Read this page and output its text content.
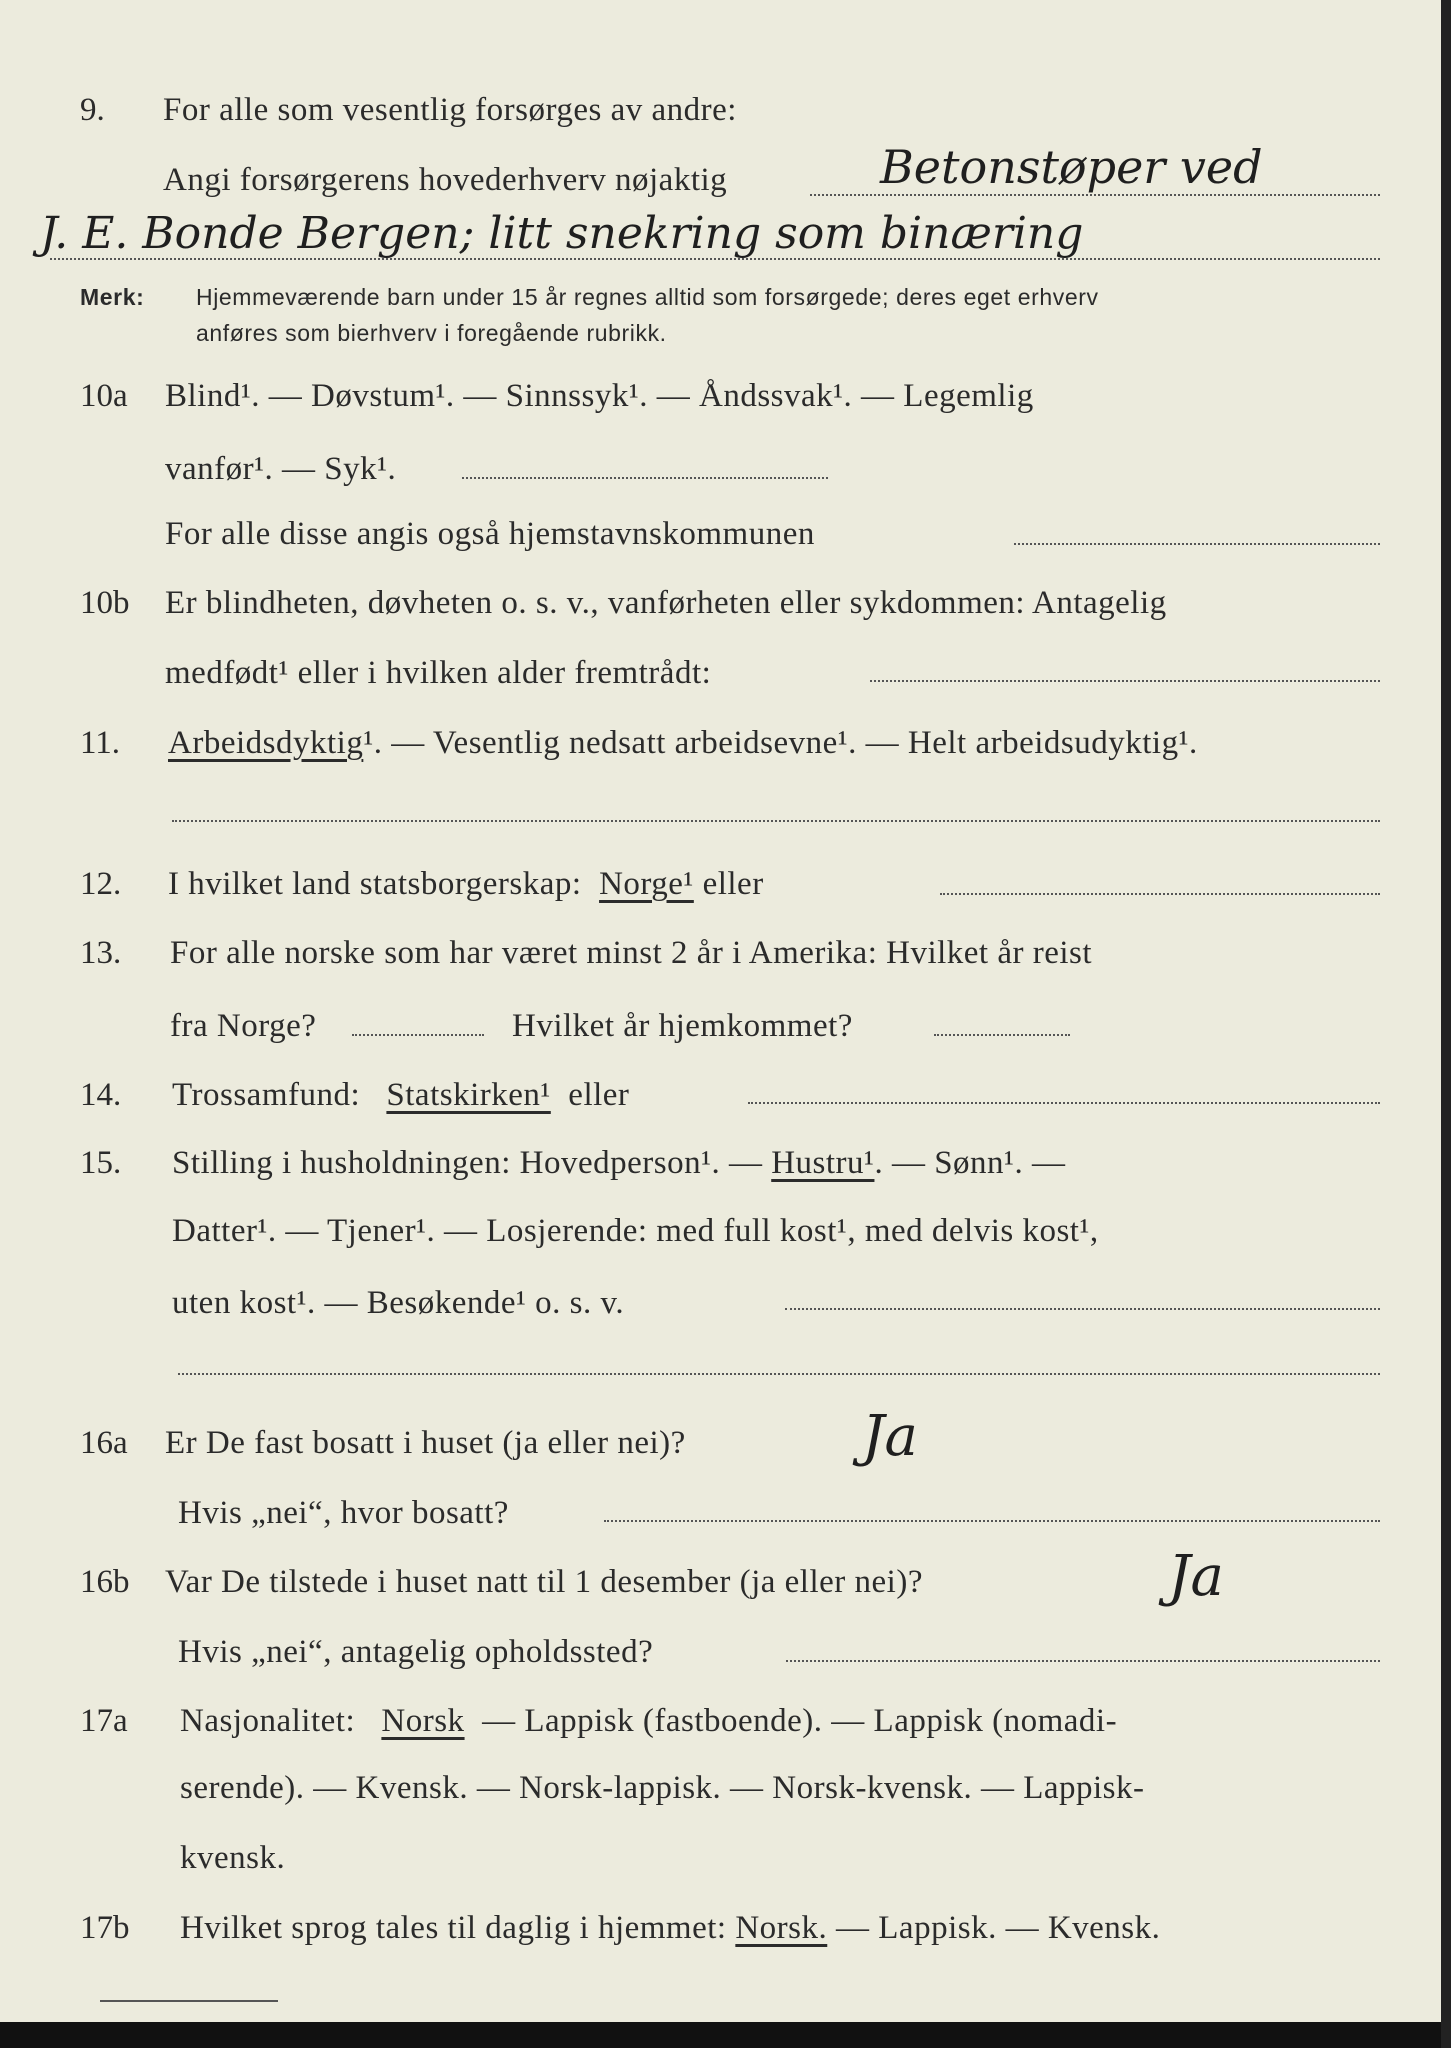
9. For alle som vesentlig forsørges av andre:
Angi forsørgerens hovederhverv nøjaktig	Betonstøper ved
J. E. Bonde Bergen; litt snekring som binæring
Merk: Hjemmeværende barn under 15 år regnes alltid som forsørgede; deres eget erhverv
anføres som bierhverv i foregående rubrikk.
10a Blind¹. — Døvstum¹. — Sinnssyk¹. — Åndssvak¹. — Legemlig
vanfør¹. — Syk¹.
For alle disse angis også hjemstavnskommunen
10b Er blindheten, døvheten o. s. v., vanførheten eller sykdommen: Antagelig
medfødt¹ eller i hvilken alder fremtrådt:
11. Arbeidsdyktig¹. — Vesentlig nedsatt arbeidsevne¹. — Helt arbeidsudyktig¹.
12. I hvilket land statsborgerskap: Norge¹ eller
13. For alle norske som har været minst 2 år i Amerika: Hvilket år reist
fra Norge?	Hvilket år hjemkommet?
14. Trossamfund: Statskirken¹ eller
15. Stilling i husholdningen: Hovedperson¹. — Hustru¹. — Sønn¹. —
Datter¹. — Tjener¹. — Losjerende: med full kost¹, med delvis kost¹,
uten kost¹. — Besøkende¹ o. s. v.
16a Er De fast bosatt i huset (ja eller nei)?	Ja
Hvis „nei“, hvor bosatt?
16b Var De tilstede i huset natt til 1 desember (ja eller nei)?	Ja
Hvis „nei“, antagelig opholdssted?
17a Nasjonalitet: Norsk — Lappisk (fastboende). — Lappisk (nomadi-
serende). — Kvensk. — Norsk-lappisk. — Norsk-kvensk. — Lappisk-
kvensk.
17b Hvilket sprog tales til daglig i hjemmet: Norsk. — Lappisk. — Kvensk.
